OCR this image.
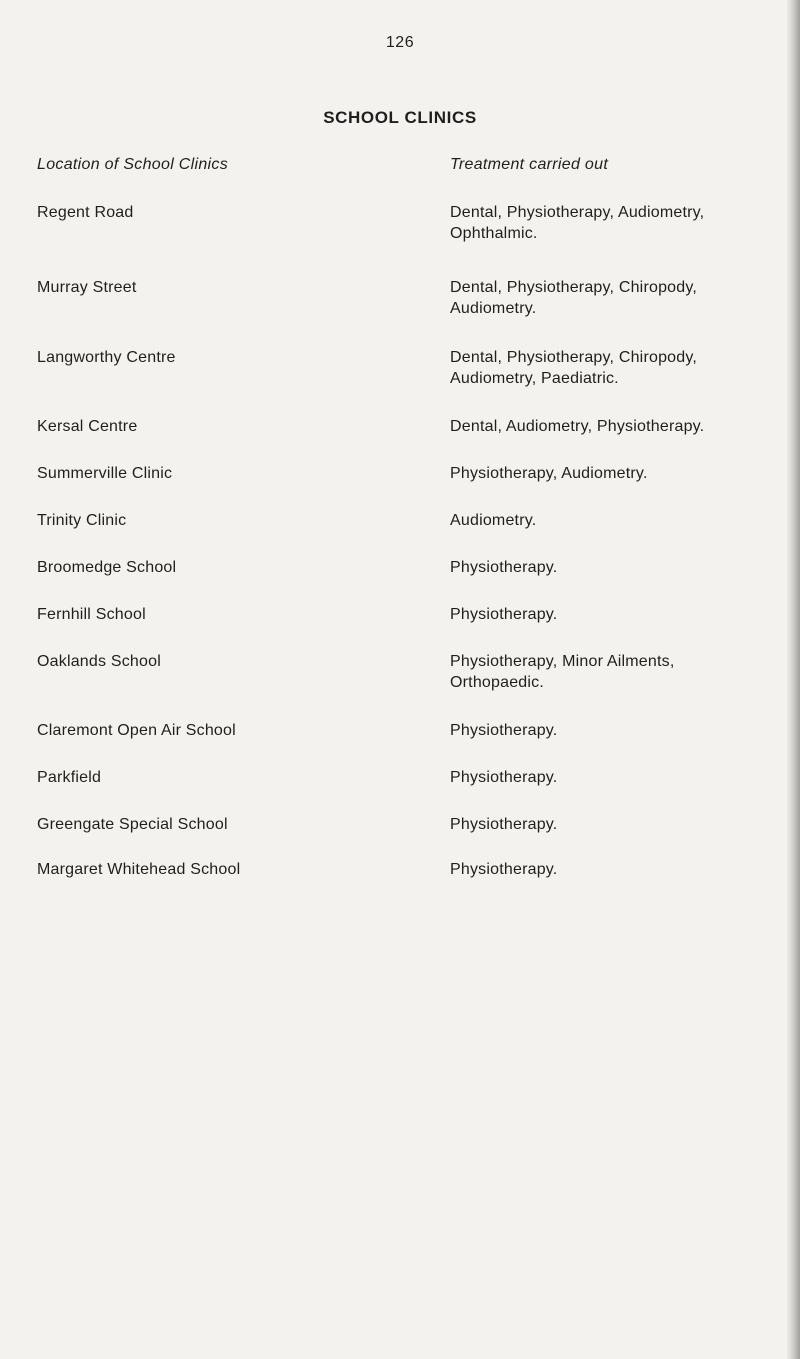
126
SCHOOL CLINICS
Location of School Clinics	Treatment carried out
Regent Road	Dental, Physiotherapy, Audiometry, Ophthalmic.
Murray Street	Dental, Physiotherapy, Chiropody, Audiometry.
Langworthy Centre	Dental, Physiotherapy, Chiropody, Audiometry, Paediatric.
Kersal Centre	Dental, Audiometry, Physiotherapy.
Summerville Clinic	Physiotherapy, Audiometry.
Trinity Clinic	Audiometry.
Broomedge School	Physiotherapy.
Fernhill School	Physiotherapy.
Oaklands School	Physiotherapy, Minor Ailments, Orthopaedic.
Claremont Open Air School	Physiotherapy.
Parkfield	Physiotherapy.
Greengate Special School	Physiotherapy.
Margaret Whitehead School	Physiotherapy.
